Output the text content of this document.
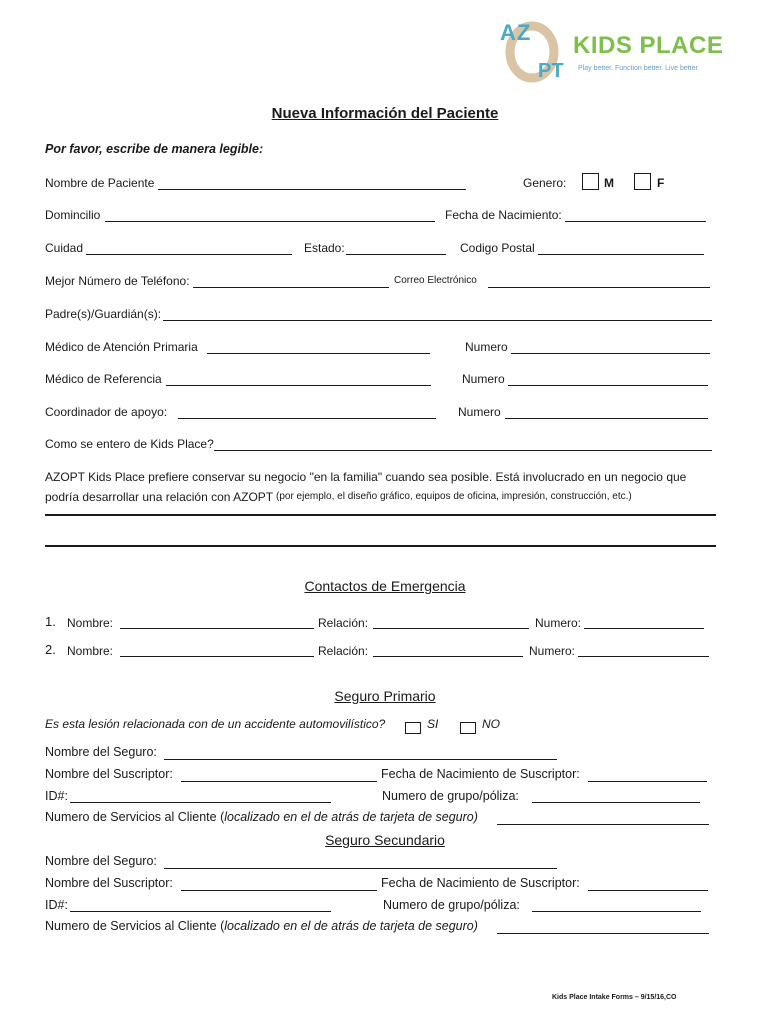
AZ
PT
KIDS PLACE
Play better. Function better. Live better
Nueva Información del Paciente
Por favor, escribe de manera legible:
Nombre de Paciente	Genero:	M	F
Domincilio	Fecha de Nacimiento:
Cuidad	Estado:	Codigo Postal
Mejor Número de Teléfono:	Correo Electrónico
Padre(s)/Guardián(s):
Médico de Atención Primaria	Numero
Médico de Referencia	Numero
Coordinador de apoyo:	Numero
Como se entero de Kids Place?
AZOPT Kids Place prefiere conservar su negocio "en la familia" cuando sea posible. Está involucrado en un negocio que
podría desarrollar una relación con AZOPT (por ejemplo, el diseño gráfico, equipos de oficina, impresión, construcción, etc.)
Contactos de Emergencia
1. Nombre:	Relación:	Numero:
2. Nombre:	Relación:	Numero:
Seguro Primario
Es esta lesión relacionada con de un accidente automovilístico?	SI	NO
Nombre del Seguro:
Nombre del Suscriptor:	Fecha de Nacimiento de Suscriptor:
ID#:	Numero de grupo/póliza:
Numero de Servicios al Cliente (localizado en el de atrás de tarjeta de seguro)
Seguro Secundario
Nombre del Seguro:
Nombre del Suscriptor:	Fecha de Nacimiento de Suscriptor:
ID#:	Numero de grupo/póliza:
Numero de Servicios al Cliente (localizado en el de atrás de tarjeta de seguro)
Kids Place Intake Forms – 9/15/16,CO
